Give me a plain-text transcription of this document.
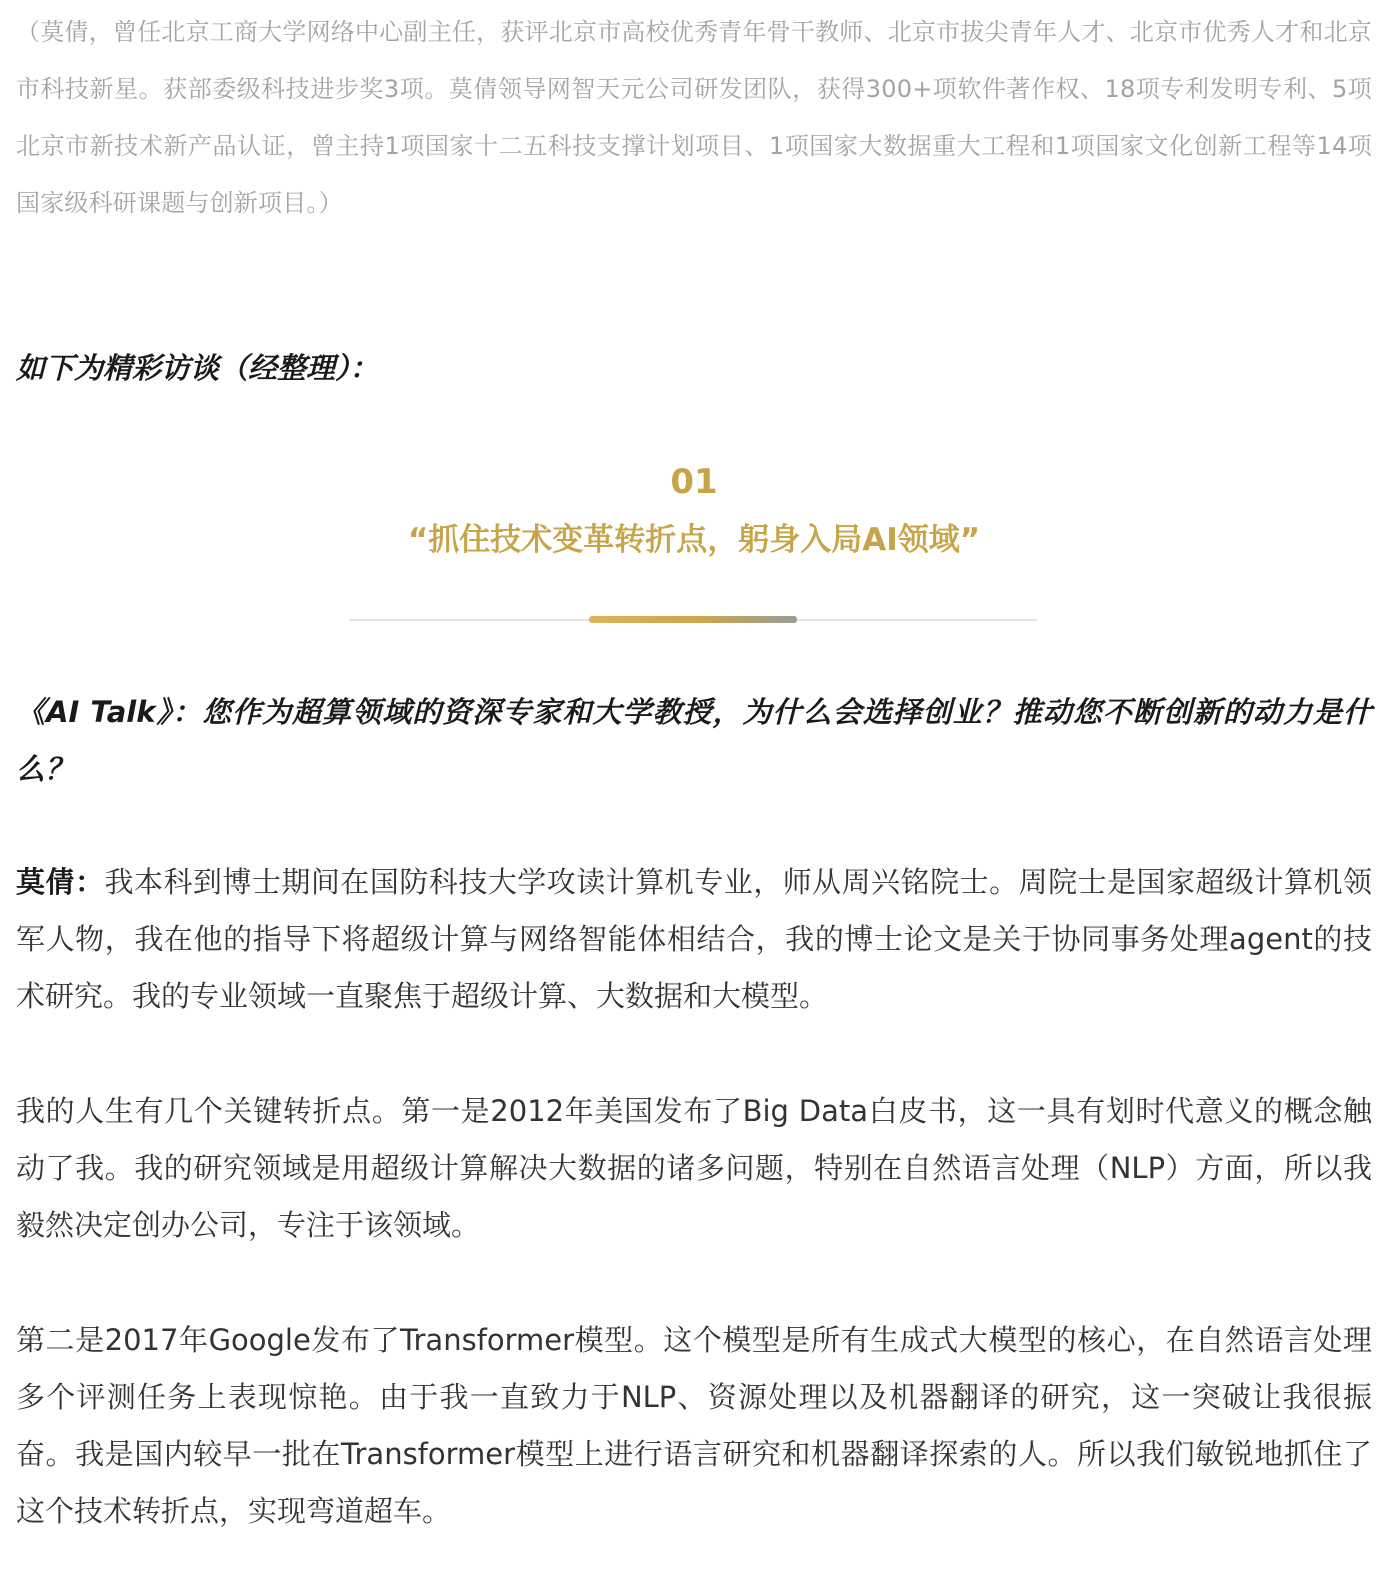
（莫倩，曾任北京工商大学网络中心副主任，获评北京市高校优秀青年骨干教师、北京市拔尖青年人才、北京市优秀人才和北京市科技新星。获部委级科技进步奖3项。莫倩领导网智天元公司研发团队，获得300+项软件著作权、18项专利发明专利、5项北京市新技术新产品认证，曾主持1项国家十二五科技支撑计划项目、1项国家大数据重大工程和1项国家文化创新工程等14项国家级科研课题与创新项目。）
如下为精彩访谈（经整理）：
01
“抓住技术变革转折点，躬身入局AI领域”
《AI Talk》：您作为超算领域的资深专家和大学教授，为什么会选择创业？推动您不断创新的动力是什么？
莫倩：我本科到博士期间在国防科技大学攻读计算机专业，师从周兴铭院士。周院士是国家超级计算机领军人物，我在他的指导下将超级计算与网络智能体相结合，我的博士论文是关于协同事务处理agent的技术研究。我的专业领域一直聚焦于超级计算、大数据和大模型。
我的人生有几个关键转折点。第一是2012年美国发布了Big Data白皮书，这一具有划时代意义的概念触动了我。我的研究领域是用超级计算解决大数据的诸多问题，特别在自然语言处理（NLP）方面，所以我毅然决定创办公司，专注于该领域。
第二是2017年Google发布了Transformer模型。这个模型是所有生成式大模型的核心，在自然语言处理多个评测任务上表现惊艳。由于我一直致力于NLP、资源处理以及机器翻译的研究，这一突破让我很振奋。我是国内较早一批在Transformer模型上进行语言研究和机器翻译探索的人。所以我们敏锐地抓住了这个技术转折点，实现弯道超车。
